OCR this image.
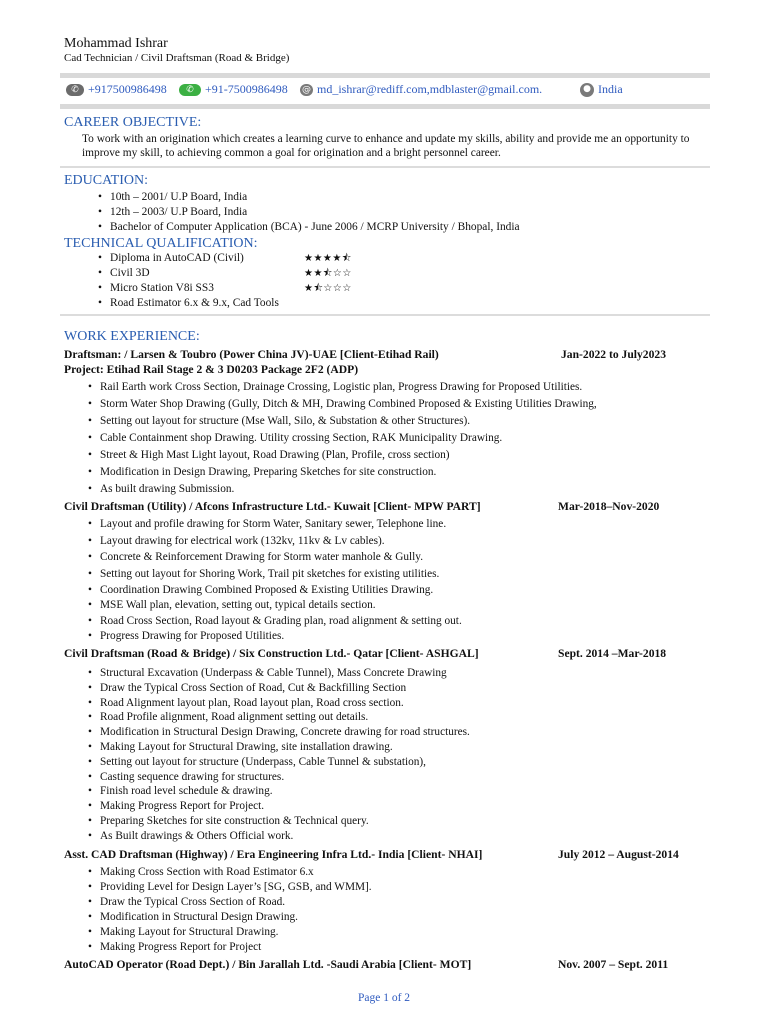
Mohammad Ishrar
Cad Technician / Civil Draftsman (Road & Bridge)
✆ +917500986498	✆ +91-7500986498 @ md_ishrar@rediff.com,mdblaster@gmail.com.	● India
CAREER OBJECTIVE:
To work with an origination which creates a learning curve to enhance and update my skills, ability and provide me an opportunity to improve my skill, to achieving common a goal for origination and a bright personnel career.
EDUCATION:
• 10th – 2001/ U.P Board, India
• 12th – 2003/ U.P Board, India
• Bachelor of Computer Application (BCA) - June 2006 / MCRP University / Bhopal, India
TECHNICAL QUALIFICATION:
• Diploma in AutoCAD (Civil)	★★★★⯪
• Civil 3D	★★⯪☆☆
• Micro Station V8i SS3	★⯪☆☆☆
• Road Estimator 6.x & 9.x, Cad Tools
WORK EXPERIENCE:
Draftsman: / Larsen & Toubro (Power China JV)-UAE [Client-Etihad Rail)	Jan-2022 to July2023
Project: Etihad Rail Stage 2 & 3 D0203 Package 2F2 (ADP)
• Rail Earth work Cross Section, Drainage Crossing, Logistic plan, Progress Drawing for Proposed Utilities.
• Storm Water Shop Drawing (Gully, Ditch & MH, Drawing Combined Proposed & Existing Utilities Drawing,
• Setting out layout for structure (Mse Wall, Silo, & Substation & other Structures).
• Cable Containment shop Drawing. Utility crossing Section, RAK Municipality Drawing.
• Street & High Mast Light layout, Road Drawing (Plan, Profile, cross section)
• Modification in Design Drawing, Preparing Sketches for site construction.
• As built drawing Submission.
Civil Draftsman (Utility) / Afcons Infrastructure Ltd.- Kuwait [Client- MPW PART]	Mar-2018–Nov-2020
• Layout and profile drawing for Storm Water, Sanitary sewer, Telephone line.
• Layout drawing for electrical work (132kv, 11kv & Lv cables).
• Concrete & Reinforcement Drawing for Storm water manhole & Gully.
• Setting out layout for Shoring Work, Trail pit sketches for existing utilities.
• Coordination Drawing Combined Proposed & Existing Utilities Drawing.
• MSE Wall plan, elevation, setting out, typical details section.
• Road Cross Section, Road layout & Grading plan, road alignment & setting out.
• Progress Drawing for Proposed Utilities.
Civil Draftsman (Road & Bridge) / Six Construction Ltd.- Qatar [Client- ASHGAL]	Sept. 2014 –Mar-2018
• Structural Excavation (Underpass & Cable Tunnel), Mass Concrete Drawing
• Draw the Typical Cross Section of Road, Cut & Backfilling Section
• Road Alignment layout plan, Road layout plan, Road cross section.
• Road Profile alignment, Road alignment setting out details.
• Modification in Structural Design Drawing, Concrete drawing for road structures.
• Making Layout for Structural Drawing, site installation drawing.
• Setting out layout for structure (Underpass, Cable Tunnel & substation),
• Casting sequence drawing for structures.
• Finish road level schedule & drawing.
• Making Progress Report for Project.
• Preparing Sketches for site construction & Technical query.
• As Built drawings & Others Official work.
Asst. CAD Draftsman (Highway) / Era Engineering Infra Ltd.- India [Client- NHAI]	July 2012 – August-2014
• Making Cross Section with Road Estimator 6.x
• Providing Level for Design Layer’s [SG, GSB, and WMM].
• Draw the Typical Cross Section of Road.
• Modification in Structural Design Drawing.
• Making Layout for Structural Drawing.
• Making Progress Report for Project
AutoCAD Operator (Road Dept.) / Bin Jarallah Ltd. -Saudi Arabia [Client- MOT]	Nov. 2007 – Sept. 2011
Page 1 of 2
